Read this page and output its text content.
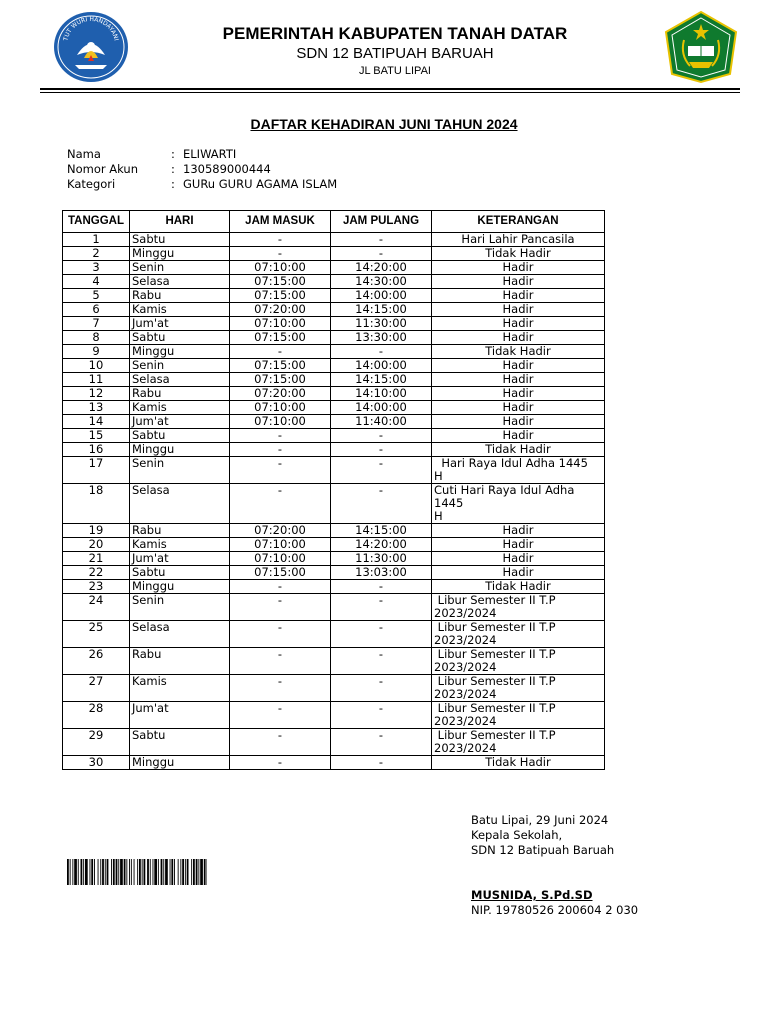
TUT WURI HANDAYANI	PEMERINTAH KABUPATEN TANAH DATAR
SDN 12 BATIPUAH BARUAH
JL BATU LIPAI
DAFTAR KEHADIRAN JUNI TAHUN 2024
Nama	: ELIWARTI
Nomor Akun	: 130589000444
Kategori	: GURu GURU AGAMA ISLAM
TANGGAL	HARI	JAM MASUK	JAM PULANG	KETERANGAN
1	Sabtu	-	-	Hari Lahir Pancasila
2	Minggu	-	-	Tidak Hadir
3	Senin	07:10:00	14:20:00	Hadir
4	Selasa	07:15:00	14:30:00	Hadir
5	Rabu	07:15:00	14:00:00	Hadir
6	Kamis	07:20:00	14:15:00	Hadir
7	Jum'at	07:10:00	11:30:00	Hadir
8	Sabtu	07:15:00	13:30:00	Hadir
9	Minggu	-	-	Tidak Hadir
10	Senin	07:15:00	14:00:00	Hadir
11	Selasa	07:15:00	14:15:00	Hadir
12	Rabu	07:20:00	14:10:00	Hadir
13	Kamis	07:10:00	14:00:00	Hadir
14	Jum'at	07:10:00	11:40:00	Hadir
15	Sabtu	-	-	Hadir
16	Minggu	-	-	Tidak Hadir
17	Senin	-	-	Hari Raya Idul Adha 1445
H
18	Selasa	-	-	Cuti Hari Raya Idul Adha 1445
H
19	Rabu	07:20:00	14:15:00	Hadir
20	Kamis	07:10:00	14:20:00	Hadir
21	Jum'at	07:10:00	11:30:00	Hadir
22	Sabtu	07:15:00	13:03:00	Hadir
23	Minggu	-	-	Tidak Hadir
24	Senin	-	-	Libur Semester II T.P
2023/2024
25	Selasa	-	-	Libur Semester II T.P
2023/2024
26	Rabu	-	-	Libur Semester II T.P
2023/2024
27	Kamis	-	-	Libur Semester II T.P
2023/2024
28	Jum'at	-	-	Libur Semester II T.P
2023/2024
29	Sabtu	-	-	Libur Semester II T.P
2023/2024
30	Minggu	-	-	Tidak Hadir
Batu Lipai, 29 Juni 2024
Kepala Sekolah,
SDN 12 Batipuah Baruah
MUSNIDA, S.Pd.SD
NIP. 19780526 200604 2 030
